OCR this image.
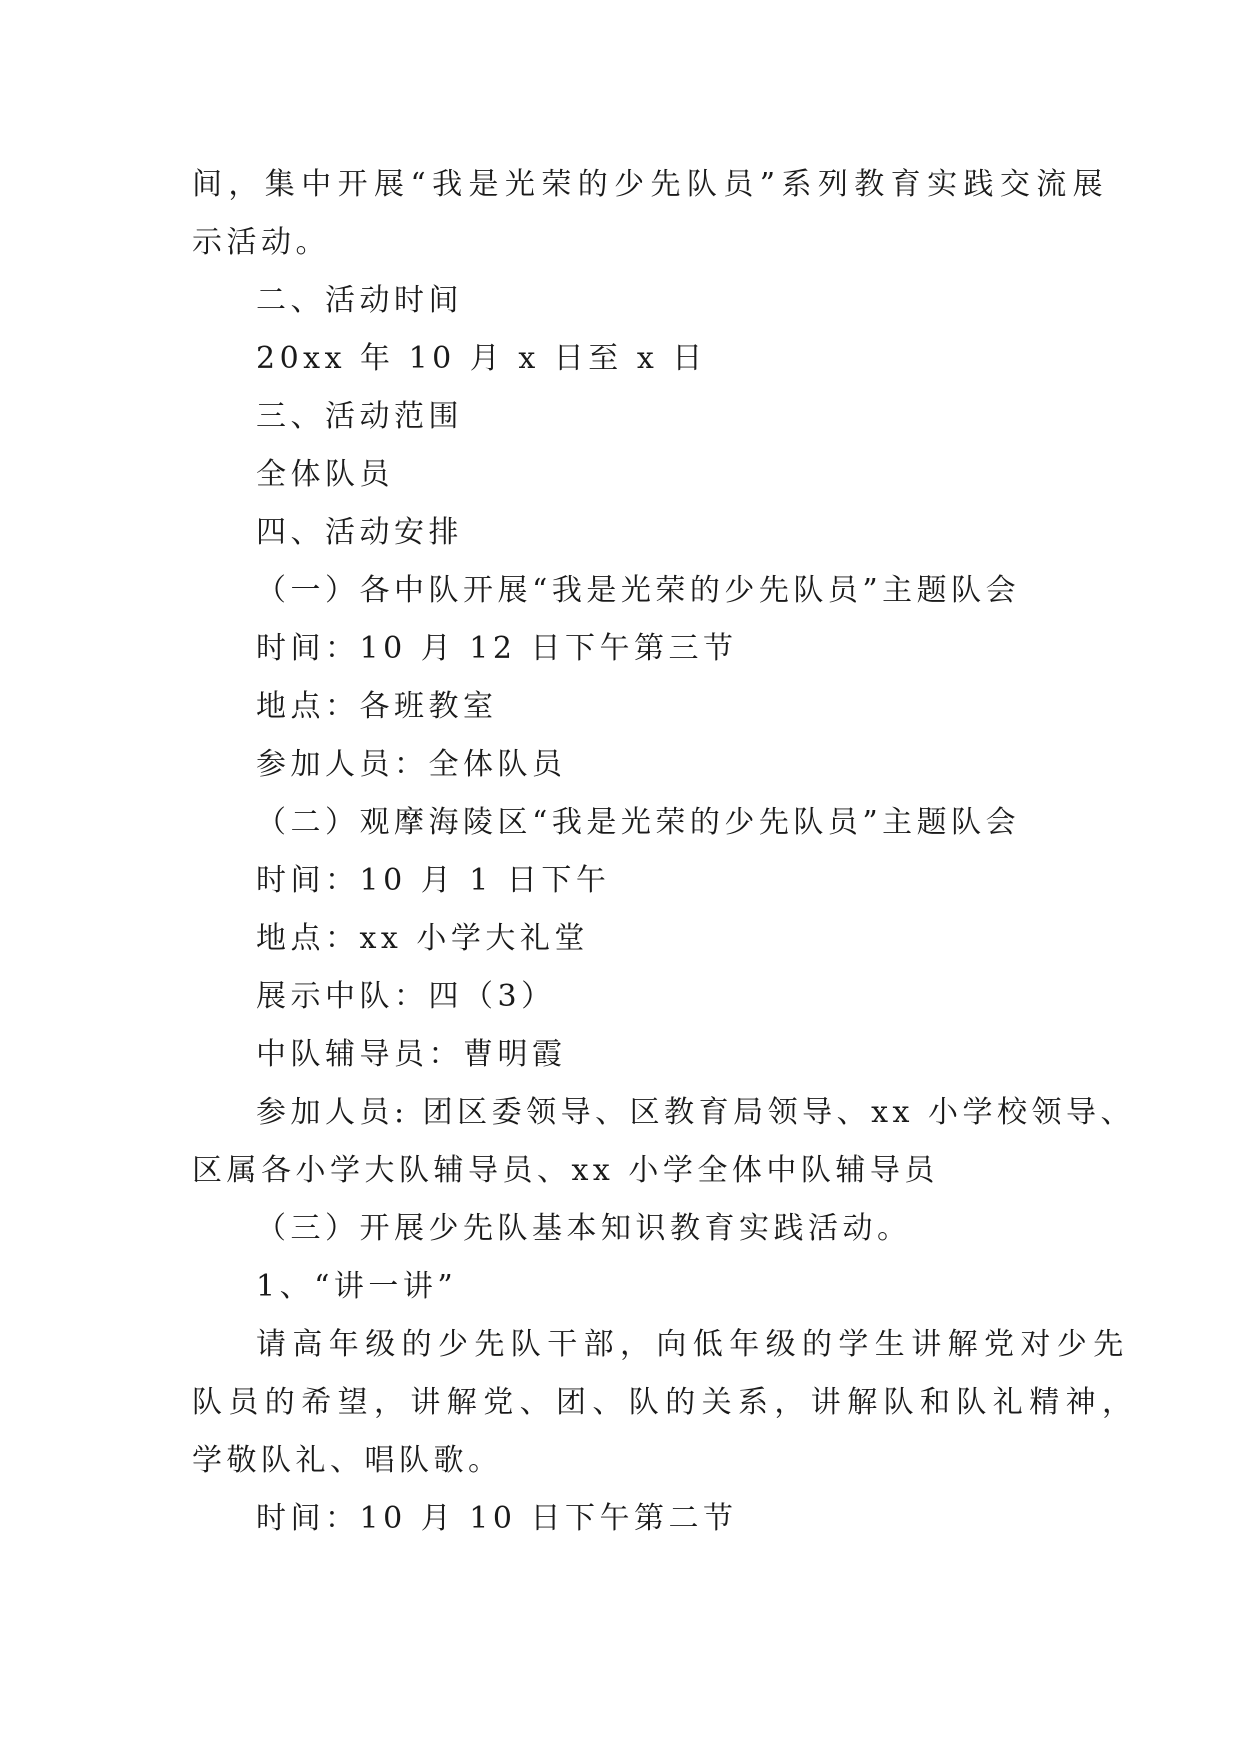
间，集中开展“我是光荣的少先队员”系列教育实践交流展
示活动。
二、活动时间
20xx 年 10 月 x 日至 x 日
三、活动范围
全体队员
四、活动安排
（一）各中队开展“我是光荣的少先队员”主题队会
时间：10 月 12 日下午第三节
地点：各班教室
参加人员：全体队员
（二）观摩海陵区“我是光荣的少先队员”主题队会
时间：10 月 1 日下午
地点：xx 小学大礼堂
展示中队：四（3）
中队辅导员：曹明霞
参加人员: 团区委领导、区教育局领导、xx 小学校领导、
区属各小学大队辅导员、xx 小学全体中队辅导员
（三）开展少先队基本知识教育实践活动。
1、“讲一讲”
请高年级的少先队干部，向低年级的学生讲解党对少先
队员的希望，讲解党、团、队的关系，讲解队和队礼精神，
学敬队礼、唱队歌。
时间：10 月 10 日下午第二节
